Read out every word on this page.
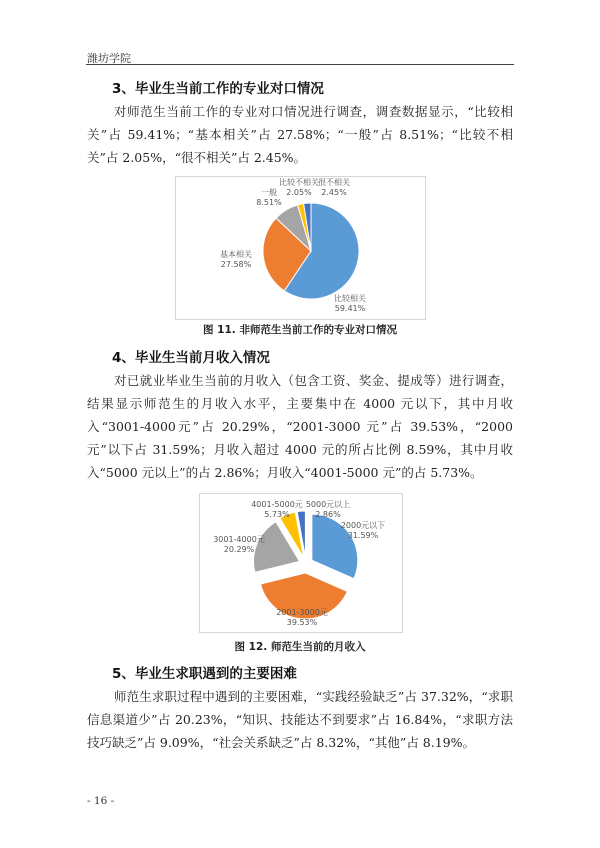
潍坊学院
3、毕业生当前工作的专业对口情况
对师范生当前工作的专业对口情况进行调查，调查数据显示，“比较相关”占 59.41%；“基本相关”占 27.58%；“一般”占 8.51%；“比较不相关”占 2.05%，“很不相关”占 2.45%。
比较相关
59.41%
基本相关
27.58%
一般
8.51%
比较不相关
2.05%
很不相关
2.45%
图 11. 非师范生当前工作的专业对口情况
4、毕业生当前月收入情况
对已就业毕业生当前的月收入（包含工资、奖金、提成等）进行调查，结果显示师范生的月收入水平，主要集中在 4000 元以下，其中月收入“3001-4000元”占 20.29%，“2001-3000 元”占 39.53%，“2000 元”以下占 31.59%；月收入超过 4000 元的所占比例 8.59%，其中月收入“5000 元以上”的占 2.86%；月收入“4001-5000 元”的占 5.73%。
2000元以下
31.59%
2001-3000元
39.53%
3001-4000元
20.29%
4001-5000元
5.73%
5000元以上
2.86%
图 12. 师范生当前的月收入
5、毕业生求职遇到的主要困难
师范生求职过程中遇到的主要困难，“实践经验缺乏”占 37.32%，“求职信息渠道少”占 20.23%，“知识、技能达不到要求”占 16.84%，“求职方法技巧缺乏”占 9.09%，“社会关系缺乏”占 8.32%，“其他”占 8.19%。
- 16 -
